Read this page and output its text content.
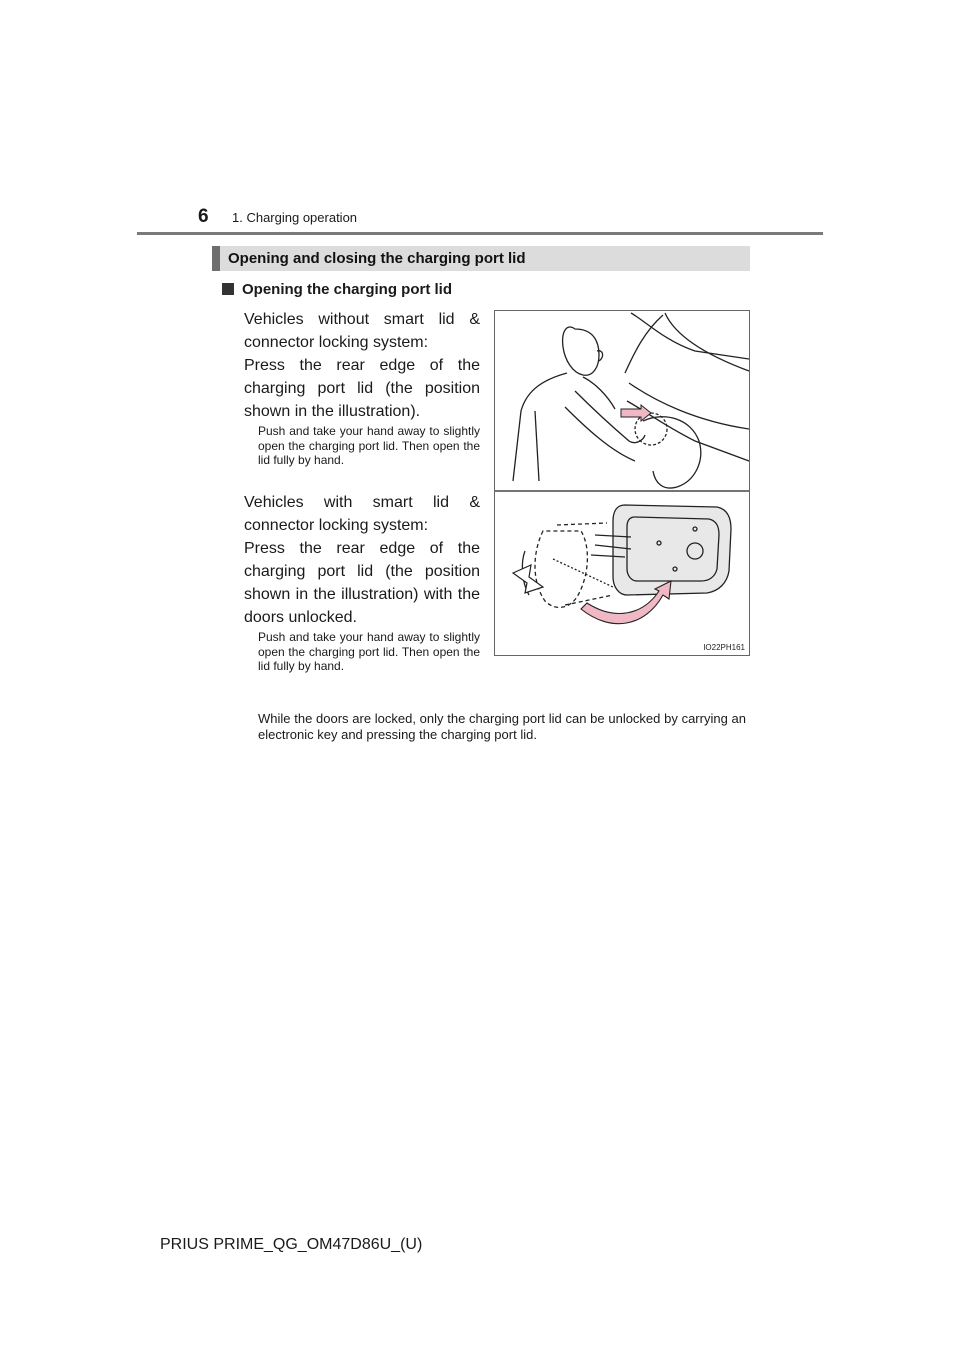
6 1. Charging operation
Opening and closing the charging port lid
Opening the charging port lid
Vehicles without smart lid & connector locking system:
Press the rear edge of the charging port lid (the position shown in the illustration).
Push and take your hand away to slightly open the charging port lid. Then open the lid fully by hand.
Vehicles with smart lid & connector locking system:
Press the rear edge of the charging port lid (the position shown in the illustration) with the doors unlocked.
Push and take your hand away to slightly open the charging port lid. Then open the lid fully by hand.
While the doors are locked, only the charging port lid can be unlocked by carrying an electronic key and pressing the charging port lid.
IO22PH161
PRIUS PRIME_QG_OM47D86U_(U)
